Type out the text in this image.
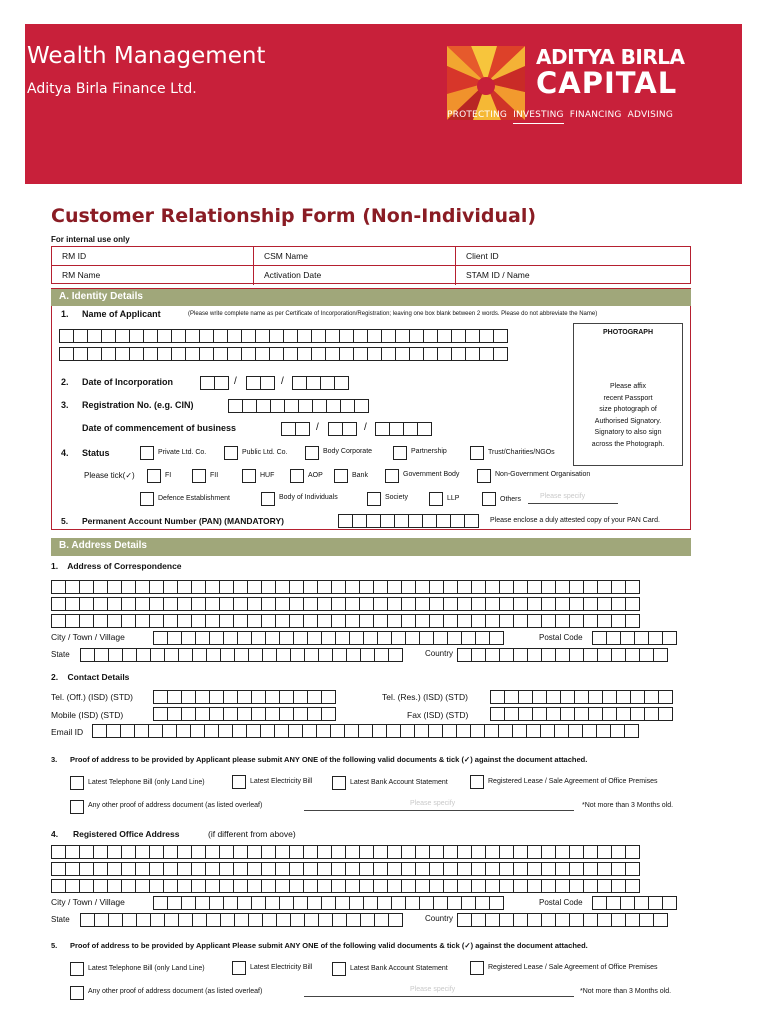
Wealth Management
Aditya Birla Finance Ltd.
ADITYA BIRLA
CAPITAL
PROTECTING INVESTING FINANCING ADVISING
Customer Relationship Form (Non-Individual)
For internal use only
RM ID	CSM Name	Client ID
RM Name	Activation Date	STAM ID / Name
A. Identity Details
1. Name of Applicant	(Please write complete name as per Certificate of Incorporation/Registration; leaving one box blank between 2 words. Please do not abbreviate the Name)
PHOTOGRAPH
Please affix
recent Passport
size photograph of
Authorised Signatory.
Signatory to also sign
across the Photograph.
2. Date of Incorporation	/	/
3. Registration No. (e.g. CIN)
Date of commencement of business	/	/
4. Status
Please tick(✓)
Private Ltd. Co.	Public Ltd. Co.	Body Corporate	Partnership	Trust/Charities/NGOs
FI	FII	HUF	AOP	Bank	Government Body	Non-Government Organisation
Defence Establishment	Body of Individuals	Society	LLP	Others	Please specify
5. Permanent Account Number (PAN) (MANDATORY)	Please enclose a duly attested copy of your PAN Card.
B. Address Details
1.    Address of Correspondence
City / Town / Village	Postal Code
State	Country
2.    Contact Details
Tel. (Off.) (ISD) (STD)	Tel. (Res.) (ISD) (STD)
Mobile (ISD) (STD)	Fax (ISD) (STD)
Email ID
3. Proof of address to be provided by Applicant please submit ANY ONE of the following valid documents & tick (✓) against the document attached.
Latest Telephone Bill (only Land Line)	Latest Electricity Bill	Latest Bank Account Statement	Registered Lease / Sale Agreement of Office Premises
Any other proof of address document (as listed overleaf)	Please specify	*Not more than 3 Months old.
4. Registered Office Address	(if different from above)
City / Town / Village	Postal Code
State	Country
5. Proof of address to be provided by Applicant Please submit ANY ONE of the following valid documents & tick (✓) against the document attached.
Latest Telephone Bill (only Land Line)	Latest Electricity Bill	Latest Bank Account Statement	Registered Lease / Sale Agreement of Office Premises
Any other proof of address document (as listed overleaf)	Please specify	*Not more than 3 Months old.
